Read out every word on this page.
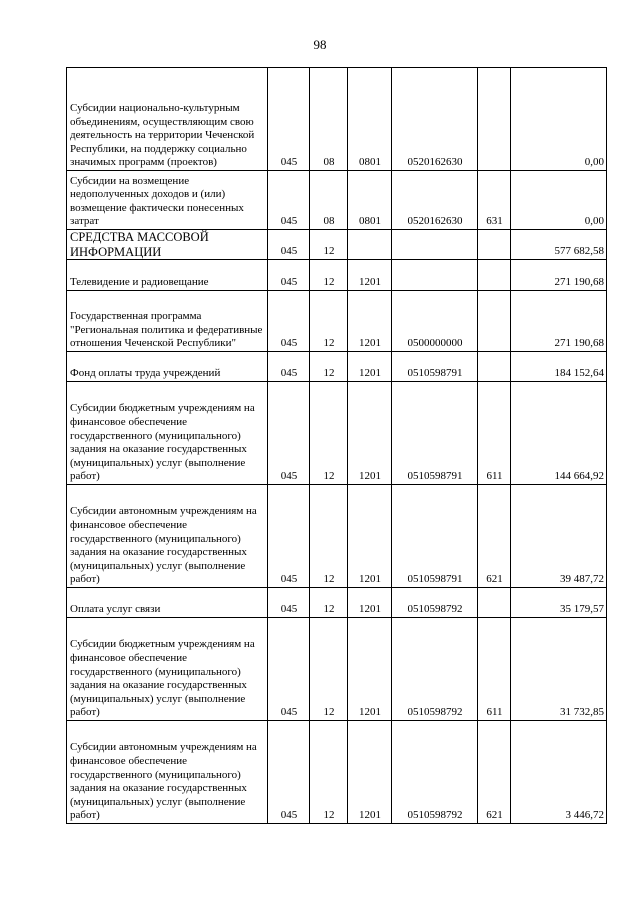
98
Субсидии национально-культурным объединениям, осуществляющим свою деятельность на территории Чеченской Республики, на поддержку социально значимых программ (проектов)	045	08	0801	0520162630		0,00
Субсидии на возмещение недополученных доходов и (или) возмещение фактически понесенных затрат	045	08	0801	0520162630	631	0,00
СРЕДСТВА МАССОВОЙ ИНФОРМАЦИИ	045	12				577 682,58
Телевидение и радиовещание	045	12	1201			271 190,68
Государственная программа "Региональная политика и федеративные отношения Чеченской Республики"	045	12	1201	0500000000		271 190,68
Фонд оплаты труда учреждений	045	12	1201	0510598791		184 152,64
Субсидии бюджетным учреждениям на финансовое обеспечение государственного (муниципального) задания на оказание государственных (муниципальных) услуг (выполнение работ)	045	12	1201	0510598791	611	144 664,92
Субсидии автономным учреждениям на финансовое обеспечение государственного (муниципального) задания на оказание государственных (муниципальных) услуг (выполнение работ)	045	12	1201	0510598791	621	39 487,72
Оплата услуг связи	045	12	1201	0510598792		35 179,57
Субсидии бюджетным учреждениям на финансовое обеспечение государственного (муниципального) задания на оказание государственных (муниципальных) услуг (выполнение работ)	045	12	1201	0510598792	611	31 732,85
Субсидии автономным учреждениям на финансовое обеспечение государственного (муниципального) задания на оказание государственных (муниципальных) услуг (выполнение работ)	045	12	1201	0510598792	621	3 446,72
